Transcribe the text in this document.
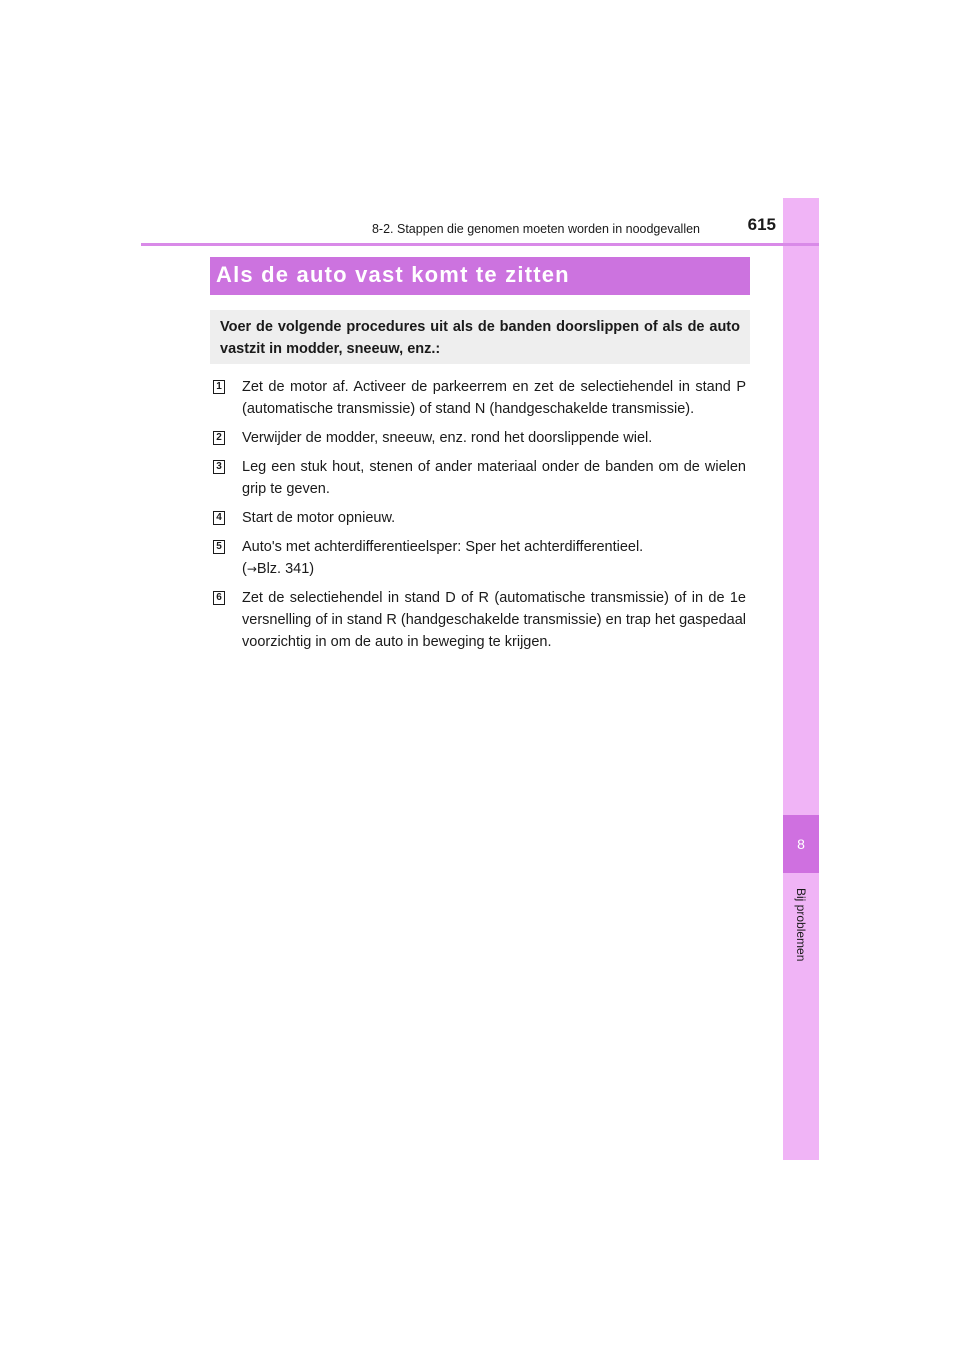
8
Bij problemen
8-2. Stappen die genomen moeten worden in noodgevallen	615
Als de auto vast komt te zitten

Voer de volgende procedures uit als de banden doorslippen of als de auto vastzit in modder, sneeuw, enz.:

1 Zet de motor af. Activeer de parkeerrem en zet de selectiehendel in stand P (automatische transmissie) of stand N (handgeschakelde transmissie).
2 Verwijder de modder, sneeuw, enz. rond het doorslippende wiel.
3 Leg een stuk hout, stenen of ander materiaal onder de banden om de wielen grip te geven.
4 Start de motor opnieuw.
5 Auto's met achterdifferentieelsper: Sper het achterdifferentieel.
(→Blz. 341)
6 Zet de selectiehendel in stand D of R (automatische transmissie) of in de 1e versnelling of in stand R (handgeschakelde transmissie) en trap het gaspedaal voorzichtig in om de auto in beweging te krijgen.
